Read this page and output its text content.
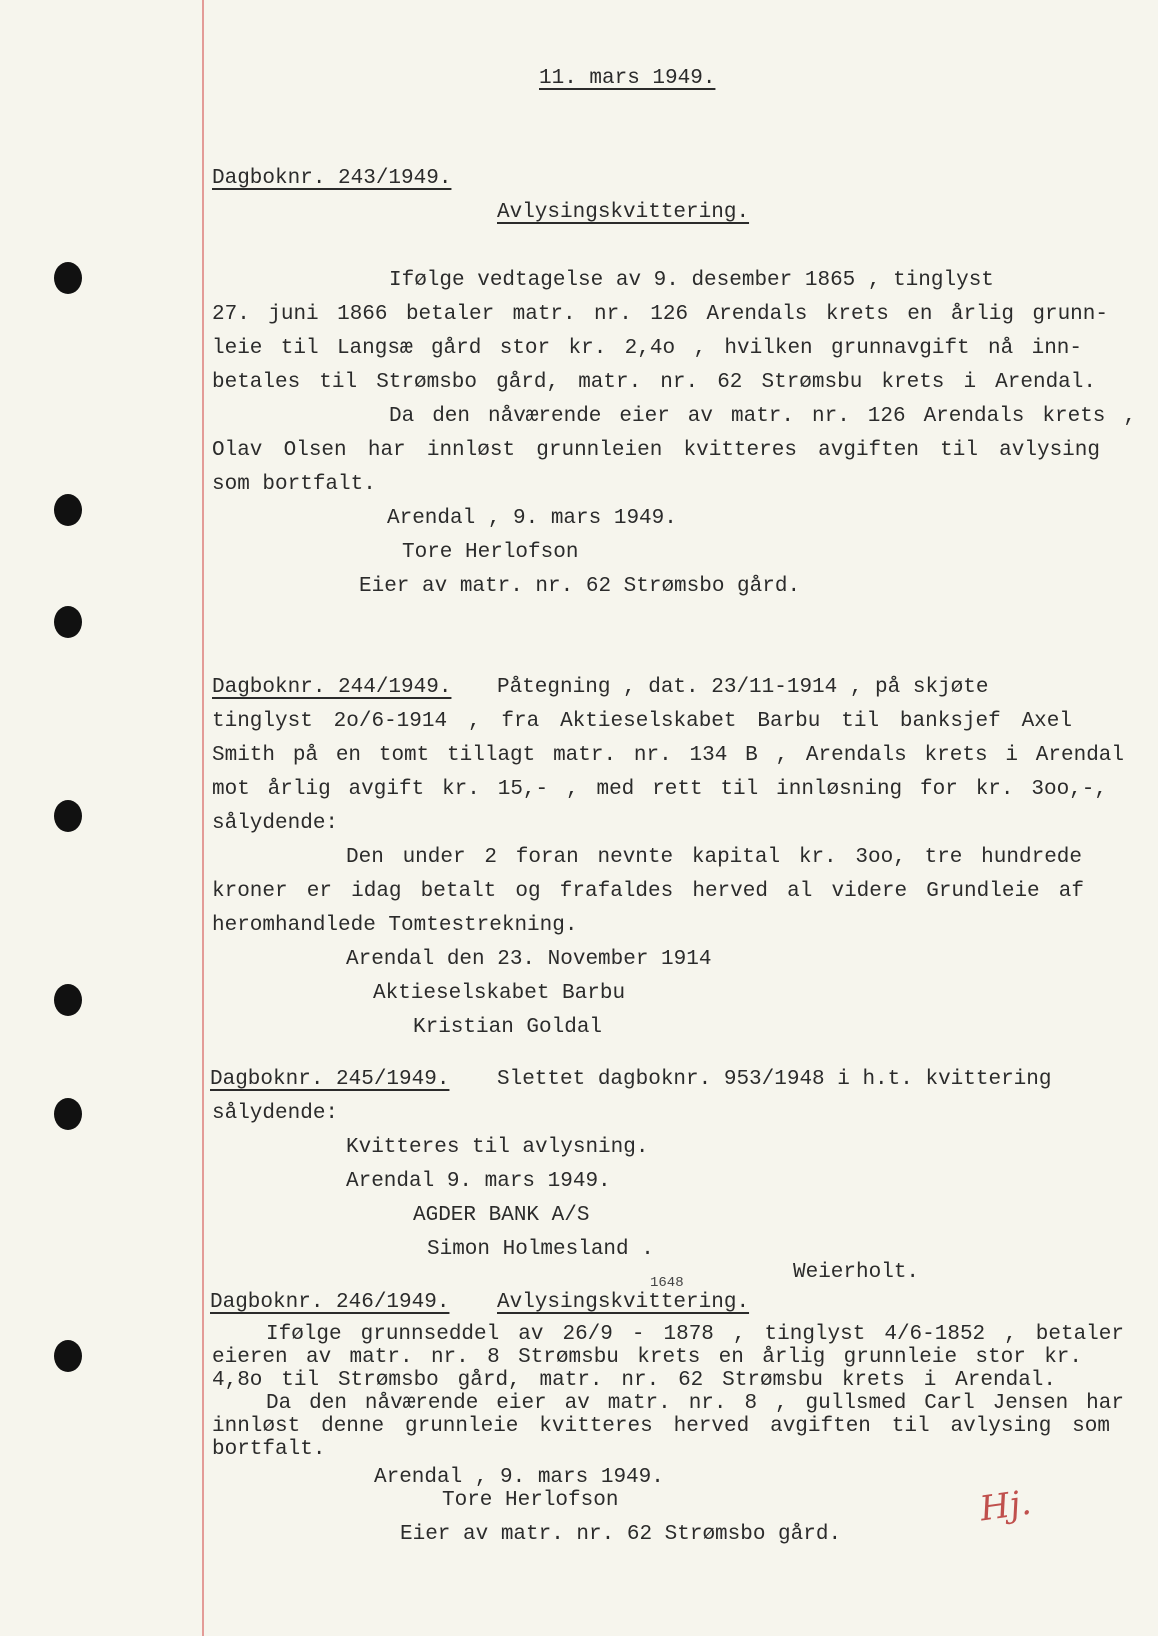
11. mars 1949.
Dagboknr. 243/1949.
Avlysingskvittering.
Ifølge vedtagelse av 9. desember 1865 , tinglyst
27. juni 1866 betaler matr. nr. 126 Arendals krets en årlig grunn-
leie til Langsæ gård stor kr. 2,4o , hvilken grunnavgift nå inn-
betales til Strømsbo gård, matr. nr. 62 Strømsbu krets i Arendal.
Da den nåværende eier av matr. nr. 126 Arendals krets ,
Olav Olsen har innløst grunnleien kvitteres avgiften til avlysing
som bortfalt.
Arendal , 9. mars 1949.
Tore Herlofson
Eier av matr. nr. 62 Strømsbo gård.
Dagboknr. 244/1949. Påtegning , dat. 23/11-1914 , på skjøte
tinglyst 2o/6-1914 , fra Aktieselskabet Barbu til banksjef Axel
Smith på en tomt tillagt matr. nr. 134 B , Arendals krets i Arendal
mot årlig avgift kr. 15,- , med rett til innløsning for kr. 3oo,-,
sålydende:
Den under 2 foran nevnte kapital kr. 3oo, tre hundrede
kroner er idag betalt og frafaldes herved al videre Grundleie af
heromhandlede Tomtestrekning.
Arendal den 23. November 1914
Aktieselskabet Barbu
Kristian Goldal
Dagboknr. 245/1949. Slettet dagboknr. 953/1948 i h.t. kvittering
sålydende:
Kvitteres til avlysning.
Arendal 9. mars 1949.
AGDER BANK A/S
Simon Holmesland .
Weierholt.
Dagboknr. 246/1949. Avlysingskvittering.
1648
Ifølge grunnseddel av 26/9 - 1878 , tinglyst 4/6-1852 , betaler
eieren av matr. nr. 8 Strømsbu krets en årlig grunnleie stor kr.
4,8o til Strømsbo gård, matr. nr. 62 Strømsbu krets i Arendal.
Da den nåværende eier av matr. nr. 8 , gullsmed Carl Jensen har
innløst denne grunnleie kvitteres herved avgiften til avlysing som
bortfalt.
Arendal , 9. mars 1949.
Tore Herlofson
Eier av matr. nr. 62 Strømsbo gård.
Hj.
